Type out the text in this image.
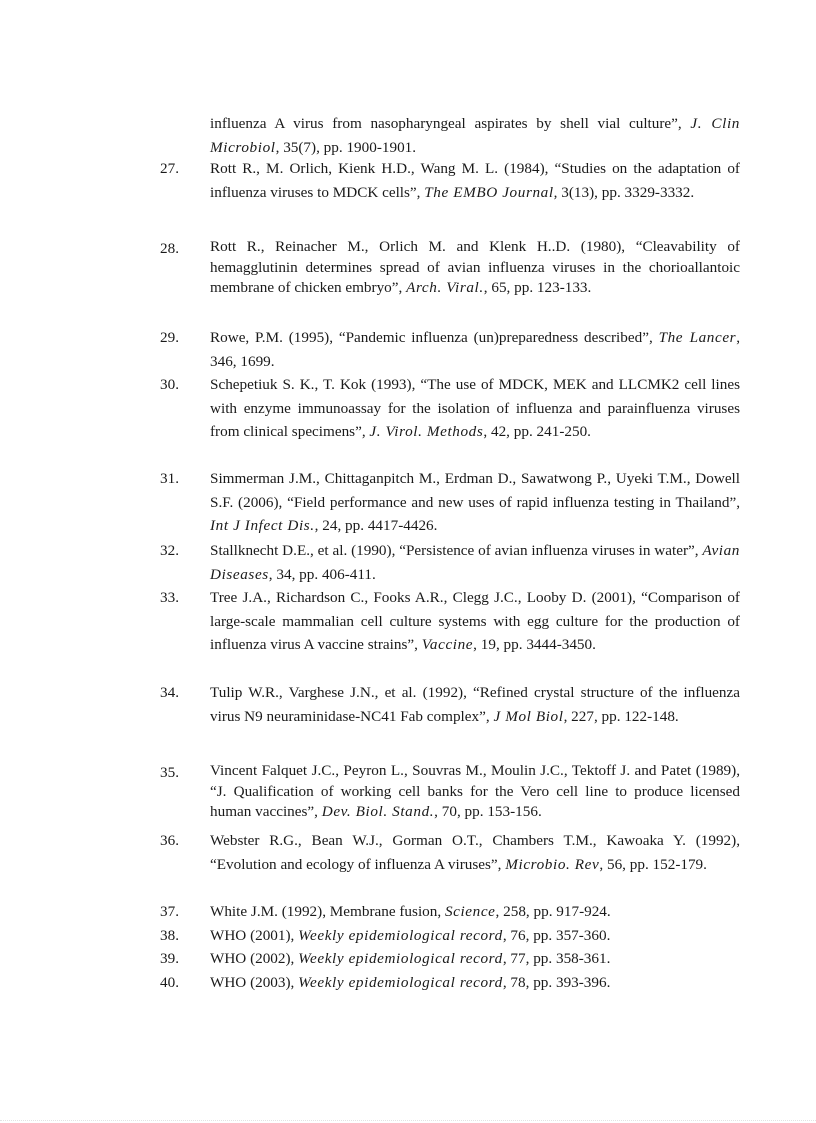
influenza A virus from nasopharyngeal aspirates by shell vial culture”, J. Clin Microbiol, 35(7), pp. 1900-1901.
27. Rott R., M. Orlich, Kienk H.D., Wang M. L. (1984), “Studies on the adaptation of influenza viruses to MDCK cells”, The EMBO Journal, 3(13), pp. 3329-3332.
28. Rott R., Reinacher M., Orlich M. and Klenk H..D. (1980), “Cleavability of hemagglutinin determines spread of avian influenza viruses in the chorioallantoic membrane of chicken embryo”, Arch. Viral., 65, pp. 123-133.
29. Rowe, P.M. (1995), “Pandemic influenza (un)preparedness described”, The Lancer, 346, 1699.
30. Schepetiuk S. K., T. Kok (1993), “The use of MDCK, MEK and LLCMK2 cell lines with enzyme immunoassay for the isolation of influenza and parainfluenza viruses from clinical specimens”, J. Virol. Methods, 42, pp. 241-250.
31. Simmerman J.M., Chittaganpitch M., Erdman D., Sawatwong P., Uyeki T.M., Dowell S.F. (2006), “Field performance and new uses of rapid influenza testing in Thailand”, Int J Infect Dis., 24, pp. 4417-4426.
32. Stallknecht D.E., et al. (1990), “Persistence of avian influenza viruses in water”, Avian Diseases, 34, pp. 406-411.
33. Tree J.A., Richardson C., Fooks A.R., Clegg J.C., Looby D. (2001), “Comparison of large-scale mammalian cell culture systems with egg culture for the production of influenza virus A vaccine strains”, Vaccine, 19, pp. 3444-3450.
34. Tulip W.R., Varghese J.N., et al. (1992), “Refined crystal structure of the influenza virus N9 neuraminidase-NC41 Fab complex”, J Mol Biol, 227, pp. 122-148.
35. Vincent Falquet J.C., Peyron L., Souvras M., Moulin J.C., Tektoff J. and Patet (1989), “J. Qualification of working cell banks for the Vero cell line to produce licensed human vaccines”, Dev. Biol. Stand., 70, pp. 153-156.
36. Webster R.G., Bean W.J., Gorman O.T., Chambers T.M., Kawoaka Y. (1992), “Evolution and ecology of influenza A viruses”, Microbio. Rev, 56, pp. 152-179.
37. White J.M. (1992), Membrane fusion, Science, 258, pp. 917-924.
38. WHO (2001), Weekly epidemiological record, 76, pp. 357-360.
39. WHO (2002), Weekly epidemiological record, 77, pp. 358-361.
40. WHO (2003), Weekly epidemiological record, 78, pp. 393-396.
